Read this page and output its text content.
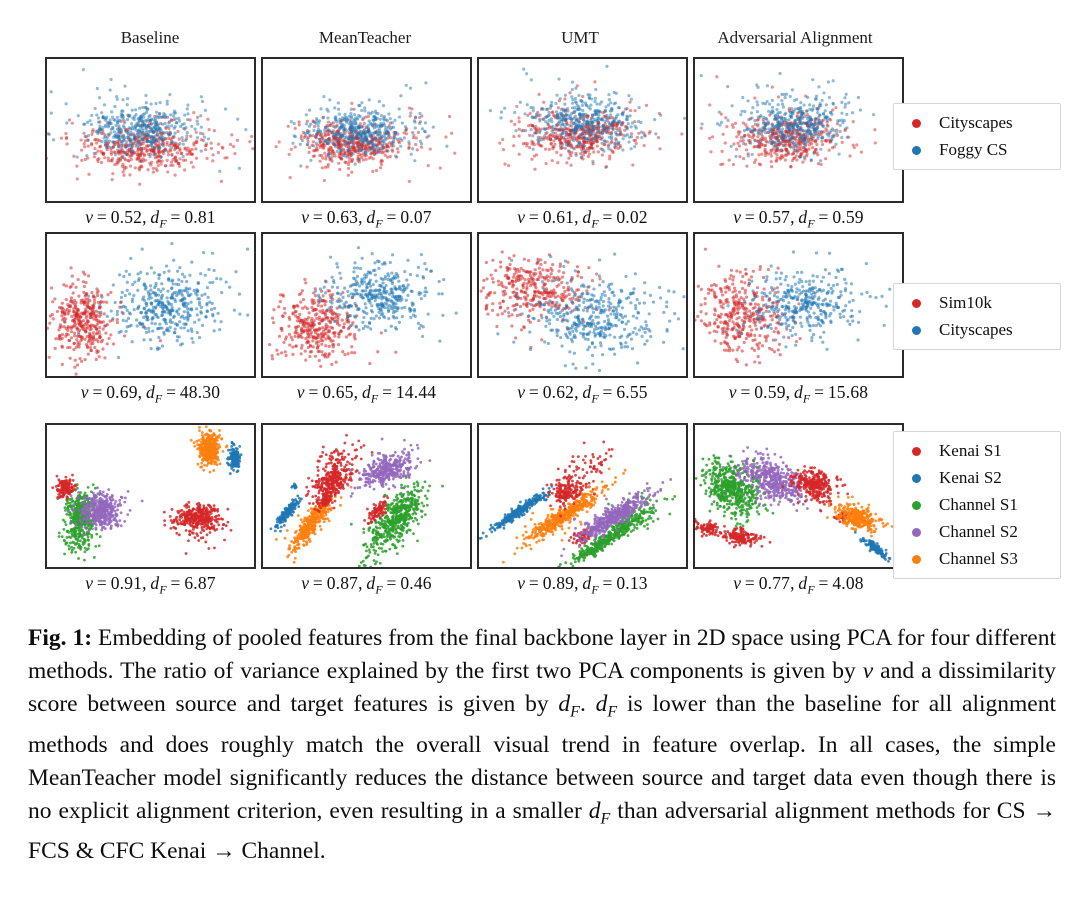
Baseline	MeanTeacher	UMT	Adversarial Alignment
v = 0.52, $d_F = 0.81$	v = 0.63, $d_F = 0.07$	v = 0.61, $d_F = 0.02$	v = 0.57, $d_F = 0.59$
v = 0.69, $d_F = 48.30$	v = 0.65, $d_F = 14.44$	v = 0.62, $d_F = 6.55$	v = 0.59, $d_F = 15.68$
v = 0.91, $d_F = 6.87$	v = 0.87, $d_F = 0.46$	v = 0.89, $d_F = 0.13$	v = 0.77, $d_F = 4.08$
Cityscapes
Foggy CS
Sim10k
Cityscapes
Kenai S1
Kenai S2
Channel S1
Channel S2
Channel S3
Fig. 1: Embedding of pooled features from the final backbone layer in 2D space using PCA for four different methods. The ratio of variance explained by the first two PCA components is given by v and a dissimilarity score between source and target features is given by $d_F$. $d_F$ is lower than the baseline for all alignment methods and does roughly match the overall visual trend in feature overlap. In all cases, the simple MeanTeacher model significantly reduces the distance between source and target data even though there is no explicit alignment criterion, even resulting in a smaller $d_F$ than adversarial alignment methods for CS → FCS & CFC Kenai → Channel.
